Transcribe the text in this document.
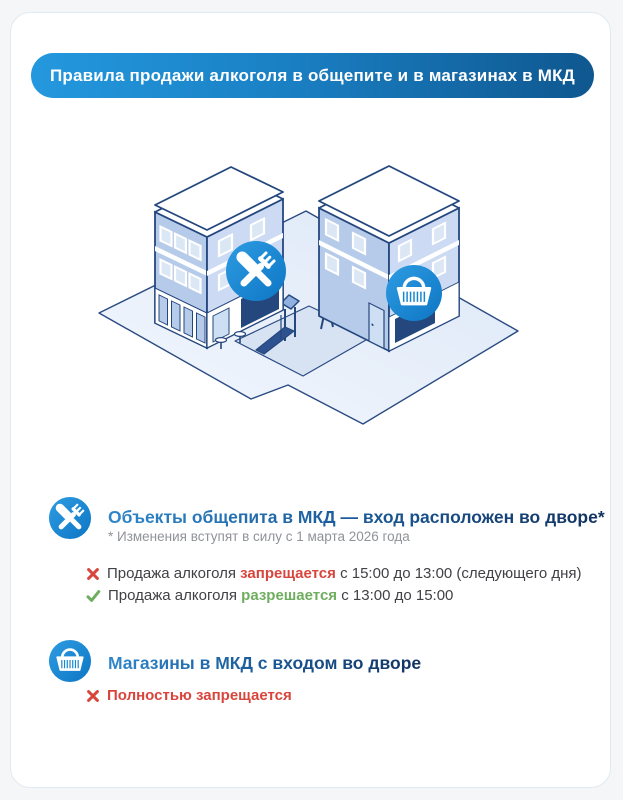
Правила продажи алкоголя в общепите и в магазинах в МКД
Объекты общепита в МКД — вход расположен во дворе*
* Изменения вступят в силу с 1 марта 2026 года
Продажа алкоголя запрещается с 15:00 до 13:00 (следующего дня)
Продажа алкоголя разрешается с 13:00 до 15:00
Магазины в МКД с входом во дворе
Полностью запрещается
